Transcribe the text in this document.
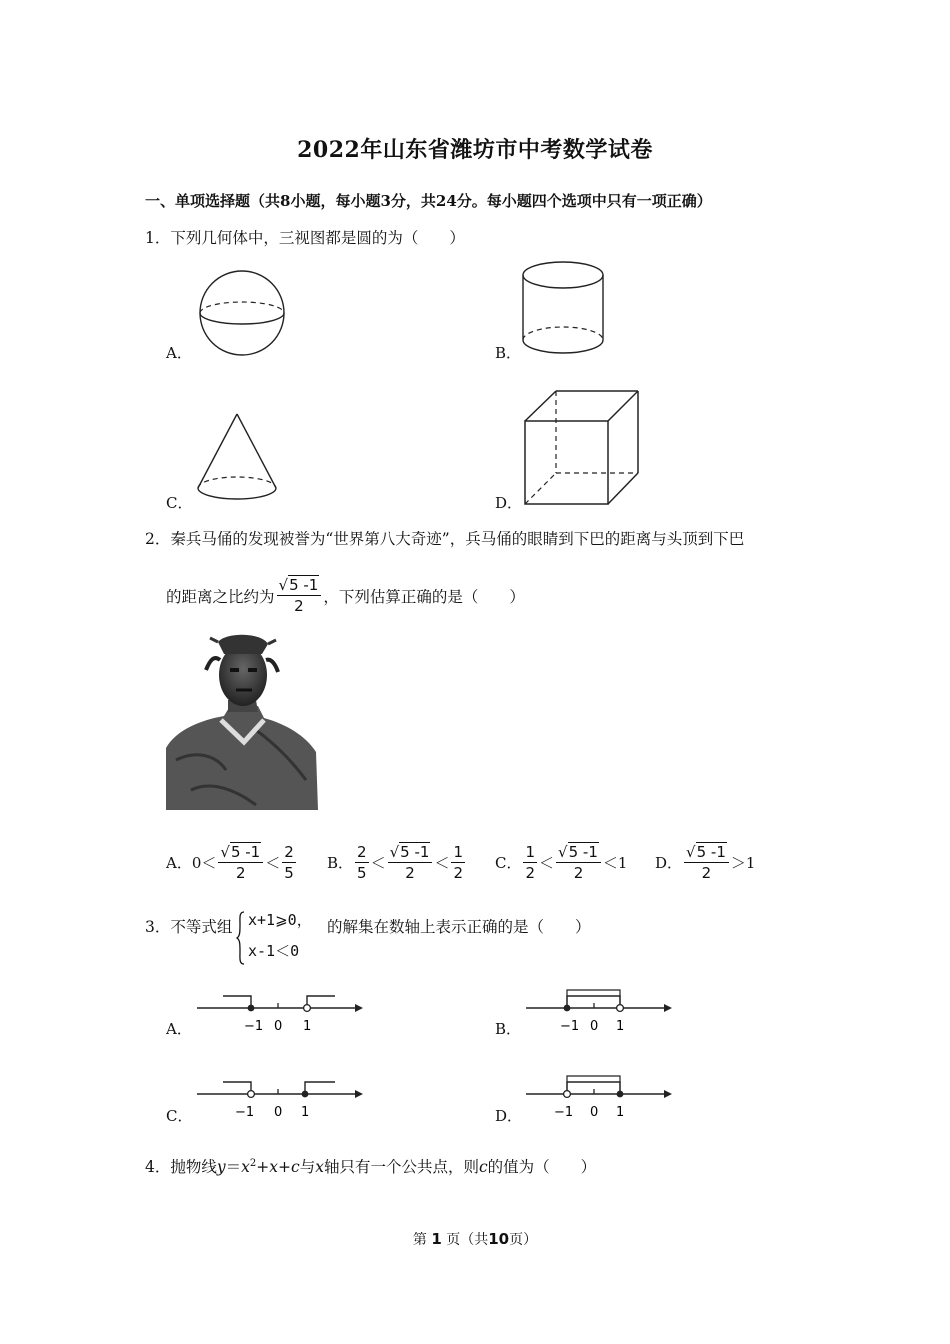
2022年山东省潍坊市中考数学试卷
一、单项选择题（共8小题，每小题3分，共24分。每小题四个选项中只有一项正确）
1．下列几何体中，三视图都是圆的为（　　）
A．	B．
C．	D．
2．秦兵马俑的发现被誉为“世界第八大奇迹”，兵马俑的眼睛到下巴的距离与头顶到下巴
的距离之比约为 $\frac{√5 -1}{2}$ ，下列估算正确的是（　　）
A． $0< \frac{√5 -1}{2} < \frac{2}{5}$ B． $\frac{2}{5} < \frac{√5 -1}{2} < \frac{1}{2}$ C． $\frac{1}{2} < \frac{√5 -1}{2} <1$ D． $\frac{√5 -1}{2} >1$
3．不等式组 x+1⩾0，
x-1＜0
的解集在数轴上表示正确的是（　　）
A．	−1 0 1	B．	−1 0 1
C．	−1 0 1	D． −1 0 1
4．抛物线$y=x^2+x+c$与x轴只有一个公共点，则c的值为（　　）
第 1 页（共10页）
